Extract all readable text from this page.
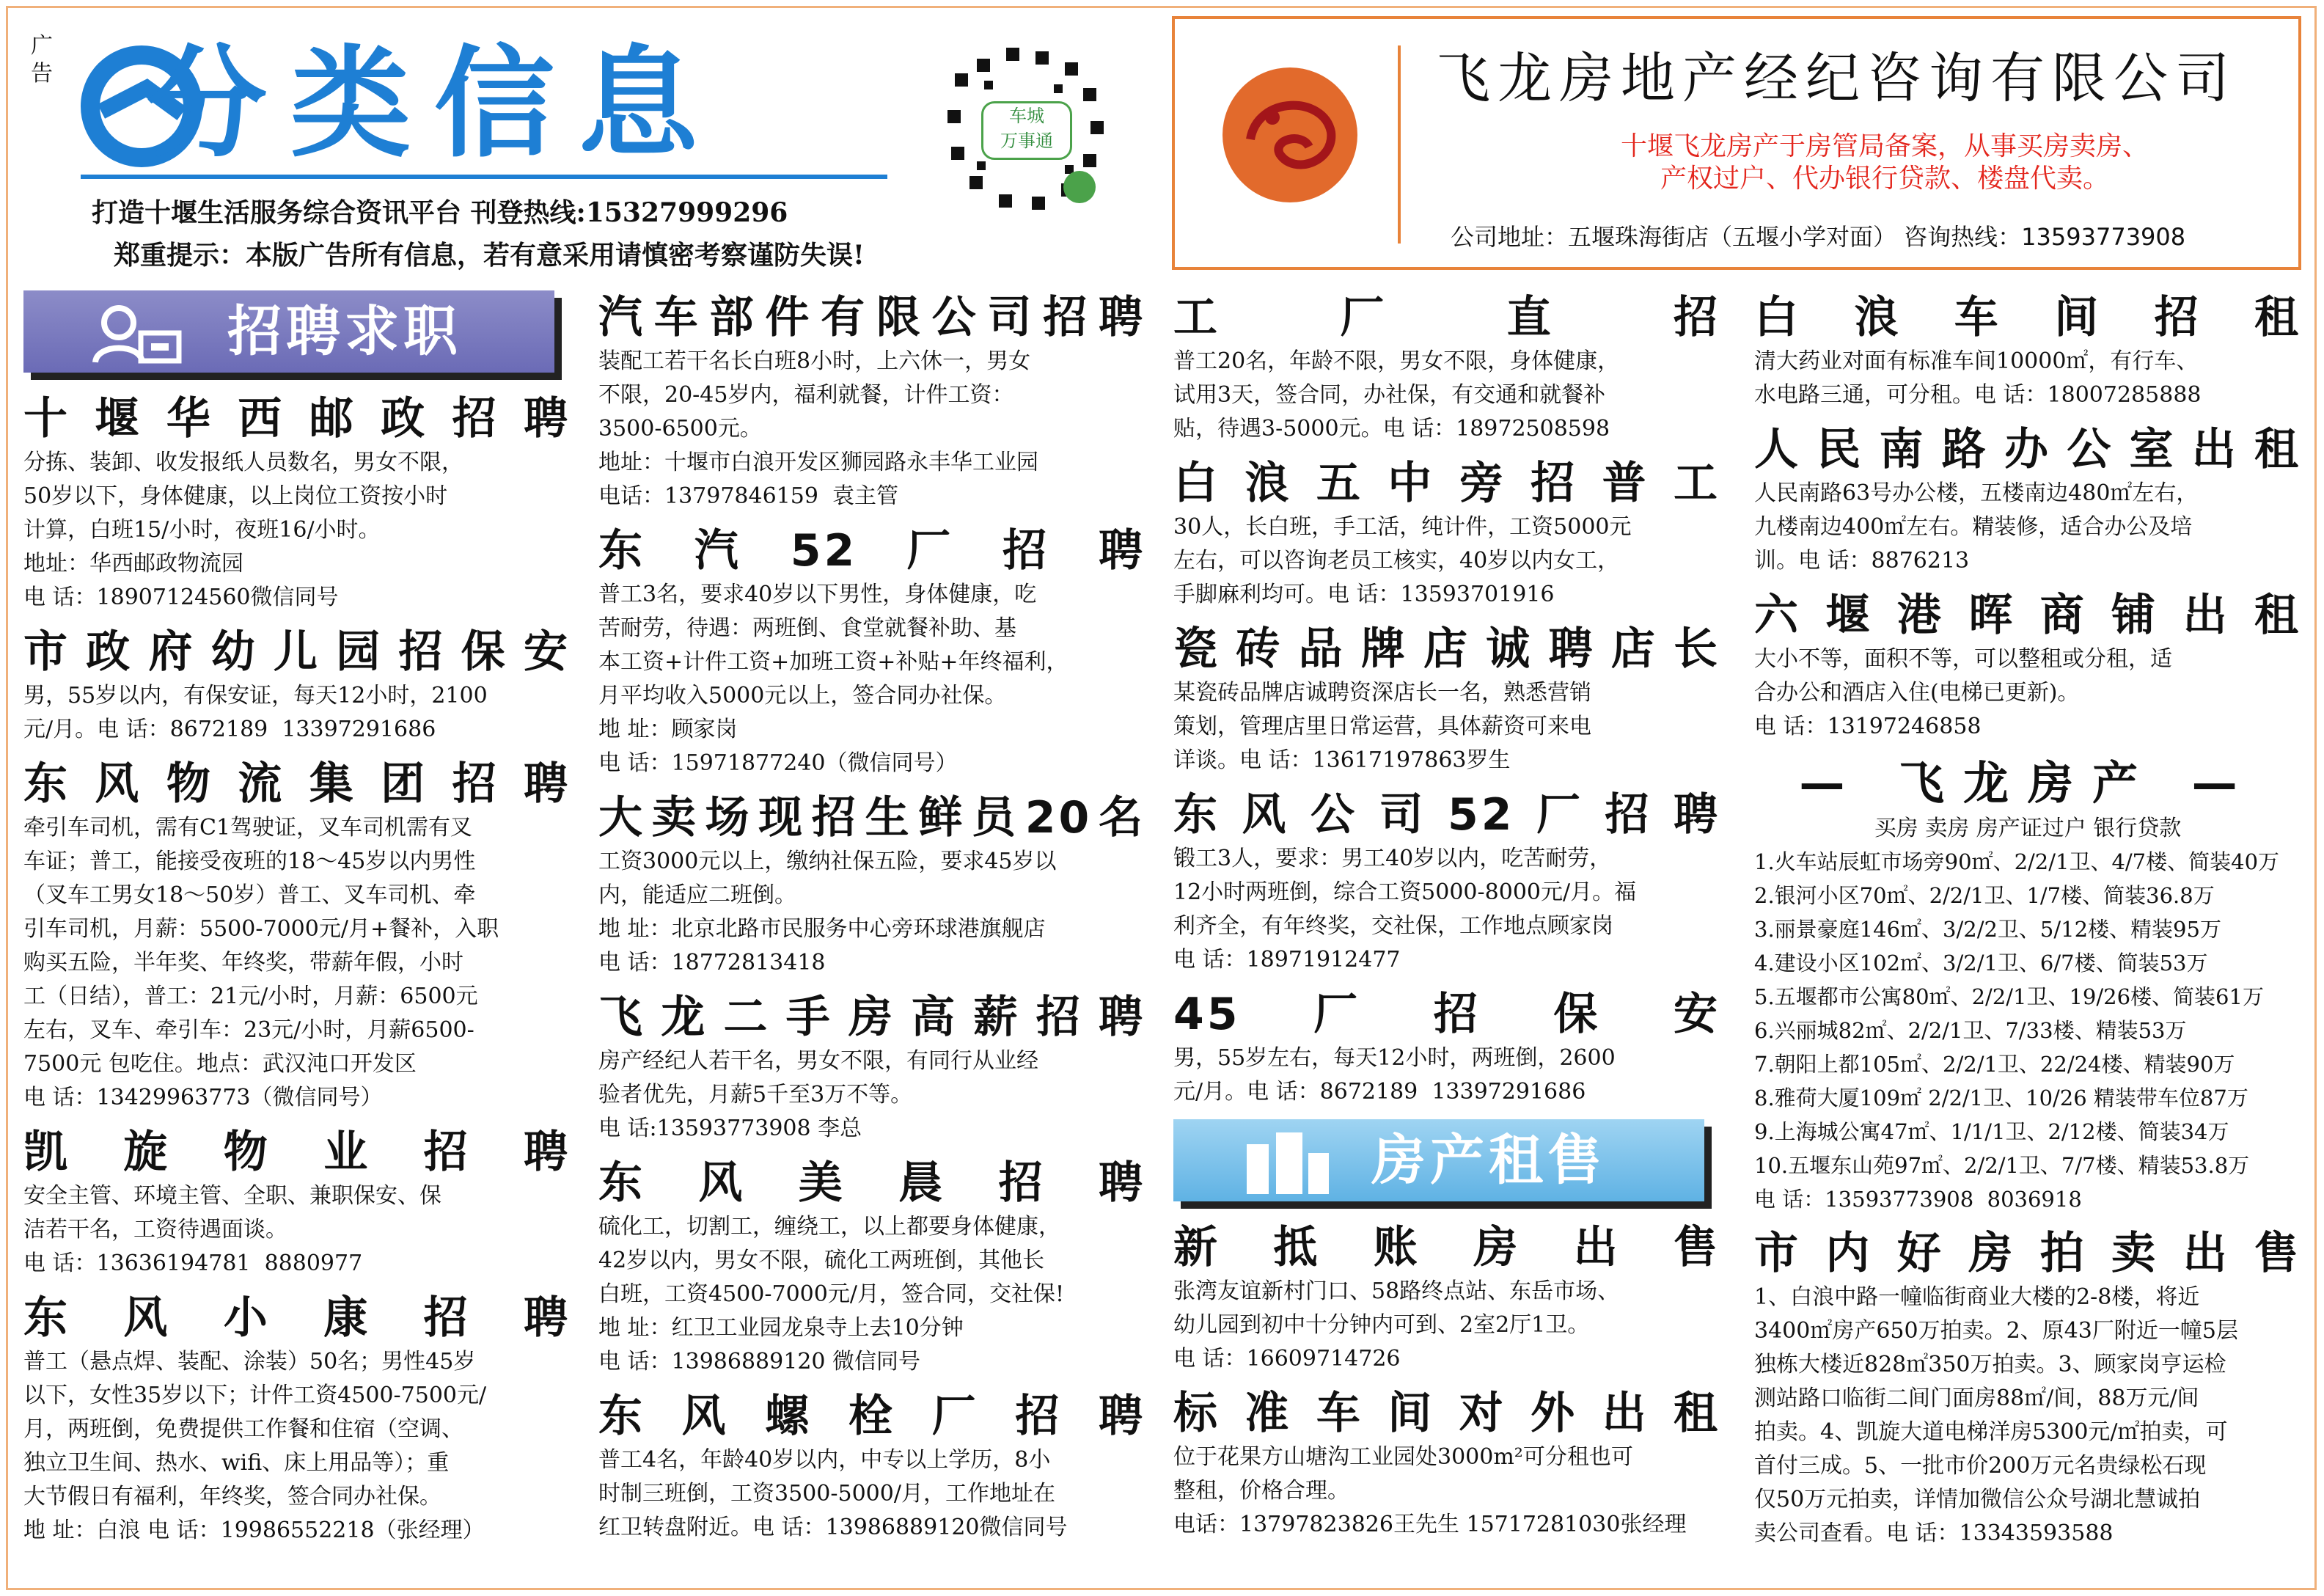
广告 分类信息
打造十堰生活服务综合资讯平台 刊登热线:15327999296
郑重提示：本版广告所有信息，若有意采用请慎密考察谨防失误!
车城
万事通
飞龙房地产经纪咨询有限公司
十堰飞龙房产于房管局备案，从事买房卖房、
产权过户、代办银行贷款、楼盘代卖。
公司地址：五堰珠海街店（五堰小学对面） 咨询热线：13593773908
招聘求职
十堰华西邮政招聘
分拣、装卸、收发报纸人员数名，男女不限，
50岁以下，身体健康，以上岗位工资按小时
计算，白班15/小时，夜班16/小时。
地址：华西邮政物流园
电 话：18907124560微信同号
市政府幼儿园招保安
男，55岁以内，有保安证，每天12小时，2100
元/月。电 话：8672189  13397291686
东风物流集团招聘
牵引车司机，需有C1驾驶证，叉车司机需有叉
车证；普工，能接受夜班的18～45岁以内男性
（叉车工男女18～50岁）普工、叉车司机、牵
引车司机，月薪：5500-7000元/月+餐补，入职
购买五险，半年奖、年终奖，带薪年假，小时
工（日结），普工：21元/小时，月薪：6500元
左右，叉车、牵引车：23元/小时，月薪6500-
7500元 包吃住。地点：武汉沌口开发区
电 话：13429963773（微信同号）
凯旋物业招聘
安全主管、环境主管、全职、兼职保安、保
洁若干名，工资待遇面谈。
电 话：13636194781  8880977
东风小康招聘
普工（悬点焊、装配、涂装）50名；男性45岁
以下，女性35岁以下；计件工资4500-7500元/
月，两班倒，免费提供工作餐和住宿（空调、
独立卫生间、热水、wifi、床上用品等）；重
大节假日有福利，年终奖，签合同办社保。
地 址：白浪 电 话：19986552218（张经理）
汽车部件有限公司招聘
装配工若干名长白班8小时，上六休一，男女
不限，20-45岁内，福利就餐，计件工资：
3500-6500元。
地址：十堰市白浪开发区狮园路永丰华工业园
电话：13797846159  袁主管
东汽52厂招聘
普工3名，要求40岁以下男性，身体健康，吃
苦耐劳，待遇：两班倒、食堂就餐补助、基
本工资+计件工资+加班工资+补贴+年终福利，
月平均收入5000元以上，签合同办社保。
地 址：顾家岗
电 话：15971877240（微信同号）
大卖场现招生鲜员20名
工资3000元以上，缴纳社保五险，要求45岁以
内，能适应二班倒。
地 址：北京北路市民服务中心旁环球港旗舰店
电 话：18772813418
飞龙二手房高薪招聘
房产经纪人若干名，男女不限，有同行从业经
验者优先，月薪5千至3万不等。
电 话:13593773908 李总
东风美晨招聘
硫化工，切割工，缠绕工，以上都要身体健康，
42岁以内，男女不限，硫化工两班倒，其他长
白班，工资4500-7000元/月，签合同，交社保!
地 址：红卫工业园龙泉寺上去10分钟
电 话：13986889120 微信同号
东风螺栓厂招聘
普工4名，年龄40岁以内，中专以上学历，8小
时制三班倒，工资3500-5000/月，工作地址在
红卫转盘附近。电 话：13986889120微信同号
工厂直招
普工20名，年龄不限，男女不限，身体健康，
试用3天，签合同，办社保，有交通和就餐补
贴，待遇3-5000元。电 话：18972508598
白浪五中旁招普工
30人，长白班，手工活，纯计件，工资5000元
左右，可以咨询老员工核实，40岁以内女工，
手脚麻利均可。电 话：13593701916
瓷砖品牌店诚聘店长
某瓷砖品牌店诚聘资深店长一名，熟悉营销
策划，管理店里日常运营，具体薪资可来电
详谈。电 话：13617197863罗生
东风公司52厂招聘
锻工3人，要求：男工40岁以内，吃苦耐劳，
12小时两班倒，综合工资5000-8000元/月。福
利齐全，有年终奖，交社保，工作地点顾家岗
电 话：18971912477
45厂招保安
男，55岁左右，每天12小时，两班倒，2600
元/月。电 话：8672189  13397291686
房产租售
新抵账房出售
张湾友谊新村门口、58路终点站、东岳市场、
幼儿园到初中十分钟内可到、2室2厅1卫。
电 话：16609714726
标准车间对外出租
位于花果方山塘沟工业园处3000m²可分租也可
整租，价格合理。
电话：13797823826王先生 15717281030张经理
白浪车间招租
清大药业对面有标准车间10000㎡，有行车、
水电路三通，可分租。电 话：18007285888
人民南路办公室出租
人民南路63号办公楼，五楼南边480㎡左右，
九楼南边400㎡左右。精装修，适合办公及培
训。电 话：8876213
六堰港晖商铺出租
大小不等，面积不等，可以整租或分租，适
合办公和酒店入住(电梯已更新)。
电 话：13197246858
— 飞龙房产 —
买房 卖房 房产证过户 银行贷款
1.火车站辰虹市场旁90㎡、2/2/1卫、4/7楼、简装40万
2.银河小区70㎡、2/2/1卫、1/7楼、简装36.8万
3.丽景豪庭146㎡、3/2/2卫、5/12楼、精装95万
4.建设小区102㎡、3/2/1卫、6/7楼、简装53万
5.五堰都市公寓80㎡、2/2/1卫、19/26楼、简装61万
6.兴丽城82㎡、2/2/1卫、7/33楼、精装53万
7.朝阳上都105㎡、2/2/1卫、22/24楼、精装90万
8.雅荷大厦109㎡ 2/2/1卫、10/26 精装带车位87万
9.上海城公寓47㎡、1/1/1卫、2/12楼、简装34万
10.五堰东山苑97㎡、2/2/1卫、7/7楼、精装53.8万
电 话：13593773908  8036918
市内好房拍卖出售
1、白浪中路一幢临街商业大楼的2-8楼，将近
3400㎡房产650万拍卖。2、原43厂附近一幢5层
独栋大楼近828㎡350万拍卖。3、顾家岗亨运检
测站路口临街二间门面房88㎡/间，88万元/间
拍卖。4、凯旋大道电梯洋房5300元/㎡拍卖，可
首付三成。5、一批市价200万元名贵绿松石现
仅50万元拍卖，详情加微信公众号湖北慧诚拍
卖公司查看。电 话：13343593588
